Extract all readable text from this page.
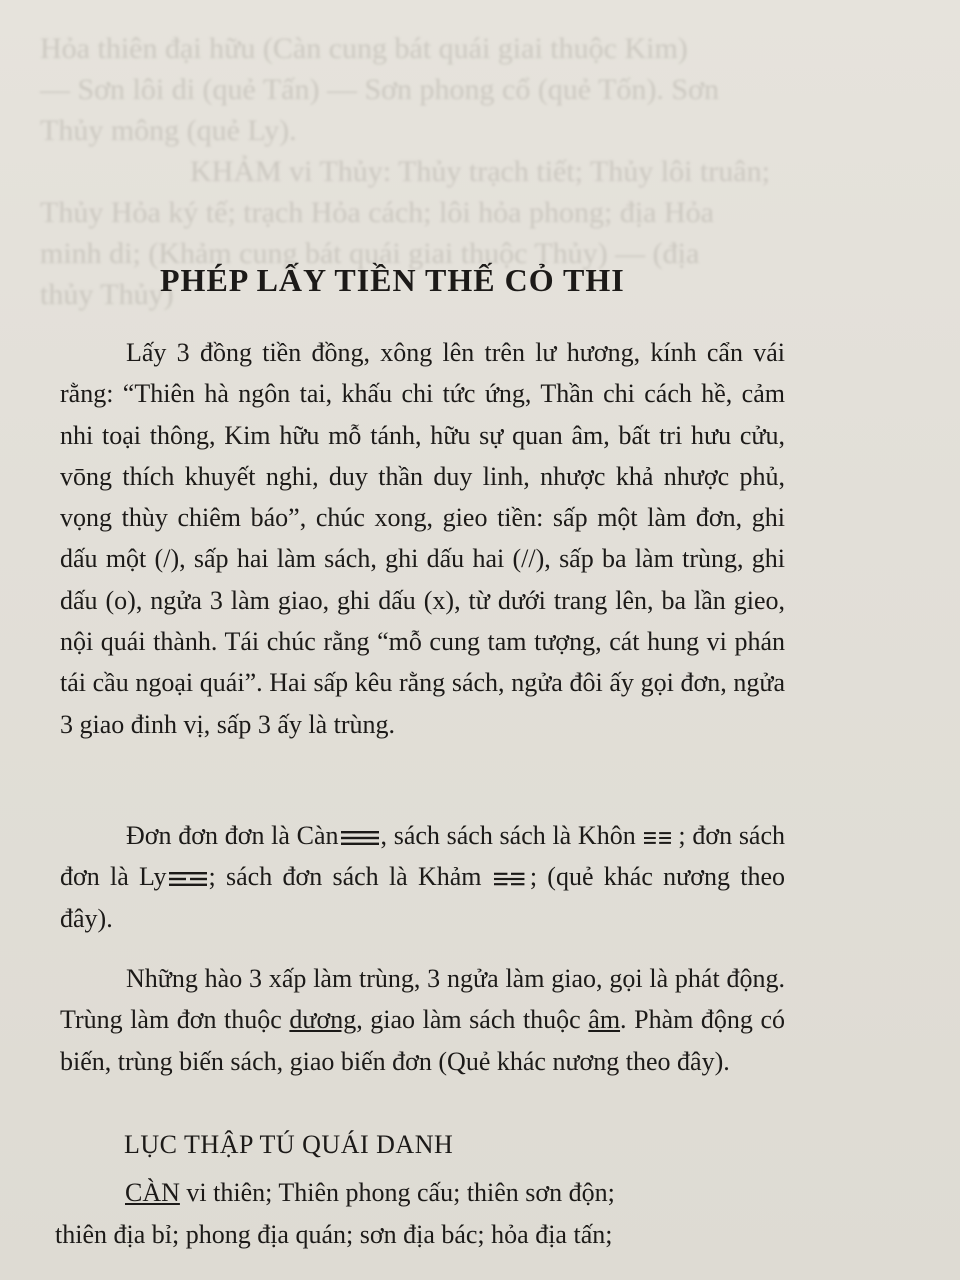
Hỏa thiên đại hữu (Càn cung bát quái giai thuộc Kim)

— Sơn lôi di (quẻ Tấn) — Sơn phong cổ (quẻ Tốn). Sơn

Thủy mông (quẻ Ly).

KHẢM vi Thủy: Thủy trạch tiết; Thủy lôi truân;

Thủy Hỏa ký tế; trạch Hỏa cách; lôi hỏa phong; địa Hỏa

minh di; (Khảm cung bát quái giai thuộc Thủy) — (địa

thủy Thủy)

PHÉP LẤY TIỀN THẾ CỎ THI

Lấy 3 đồng tiền đồng, xông lên trên lư hương, kính cẩn vái rằng: “Thiên hà ngôn tai, khấu chi tức ứng, Thần chi cách hề, cảm nhi toại thông, Kim hữu mỗ tánh, hữu sự quan âm, bất tri hưu cửu, vōng thích khuyết nghi, duy thần duy linh, nhược khả nhược phủ, vọng thùy chiêm báo”, chúc xong, gieo tiền: sấp một làm đơn, ghi dấu một (/), sấp hai làm sách, ghi dấu hai (//), sấp ba làm trùng, ghi dấu (o), ngửa 3 làm giao, ghi dấu (x), từ dưới trang lên, ba lần gieo, nội quái thành. Tái chúc rằng “mỗ cung tam tượng, cát hung vi phán tái cầu ngoại quái”. Hai sấp kêu rằng sách, ngửa đôi ấy gọi đơn, ngửa 3 giao đinh vị, sấp 3 ấy là trùng.

Đơn đơn đơn là Càn , sách sách sách là Khôn ; đơn sách đơn là Ly ; sách đơn sách là Khảm ; (quẻ khác nương theo đây).

Những hào 3 xấp làm trùng, 3 ngửa làm giao, gọi là phát động. Trùng làm đơn thuộc dương, giao làm sách thuộc âm. Phàm động có biến, trùng biến sách, giao biến đơn (Quẻ khác nương theo đây).

LỤC THẬP TÚ QUÁI DANH

CÀN vi thiên; Thiên phong cấu; thiên sơn độn;

thiên địa bỉ; phong địa quán; sơn địa bác; hỏa địa tấn;
